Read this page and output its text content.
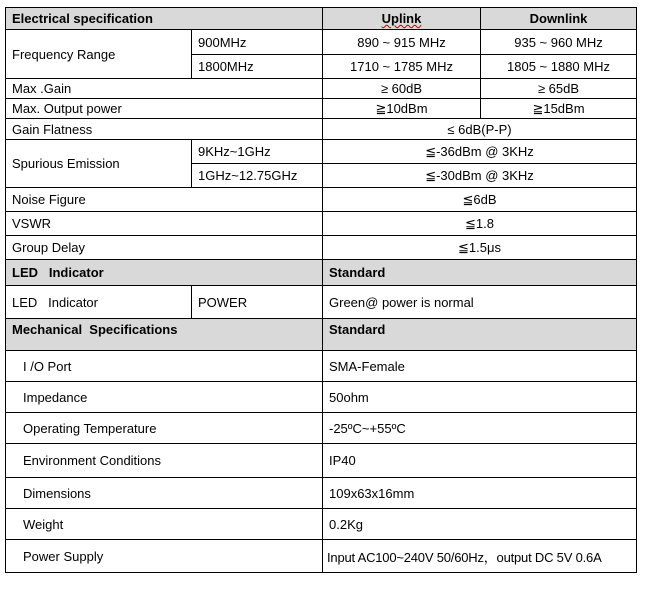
Electrical specification		Uplink	Downlink
Frequency Range	900MHz	890 ~ 915 MHz	935 ~ 960 MHz
	1800MHz	1710 ~ 1785 MHz	1805 ~ 1880 MHz
Max .Gain		≥ 60dB	≥ 65dB
Max. Output power		≧10dBm	≧15dBm
Gain Flatness		≤ 6dB(P-P)	
Spurious Emission	9KHz~1GHz	≦-36dBm @ 3KHz	
	1GHz~12.75GHz	≦-30dBm @ 3KHz	
Noise Figure		≦6dB	
VSWR		≦1.8	
Group Delay		≦1.5μs	
LED   Indicator		Standard	
LED   Indicator	POWER	Green@ power is normal	
Mechanical  Specifications		Standard	
I /O Port		SMA-Female	
Impedance		50ohm	
Operating Temperature		-25ºC~+55ºC	
Environment Conditions		IP40	
Dimensions		109x63x16mm	
Weight		0.2Kg	
Power Supply		Input AC100~240V 50/60Hz，output DC 5V 0.6A	
